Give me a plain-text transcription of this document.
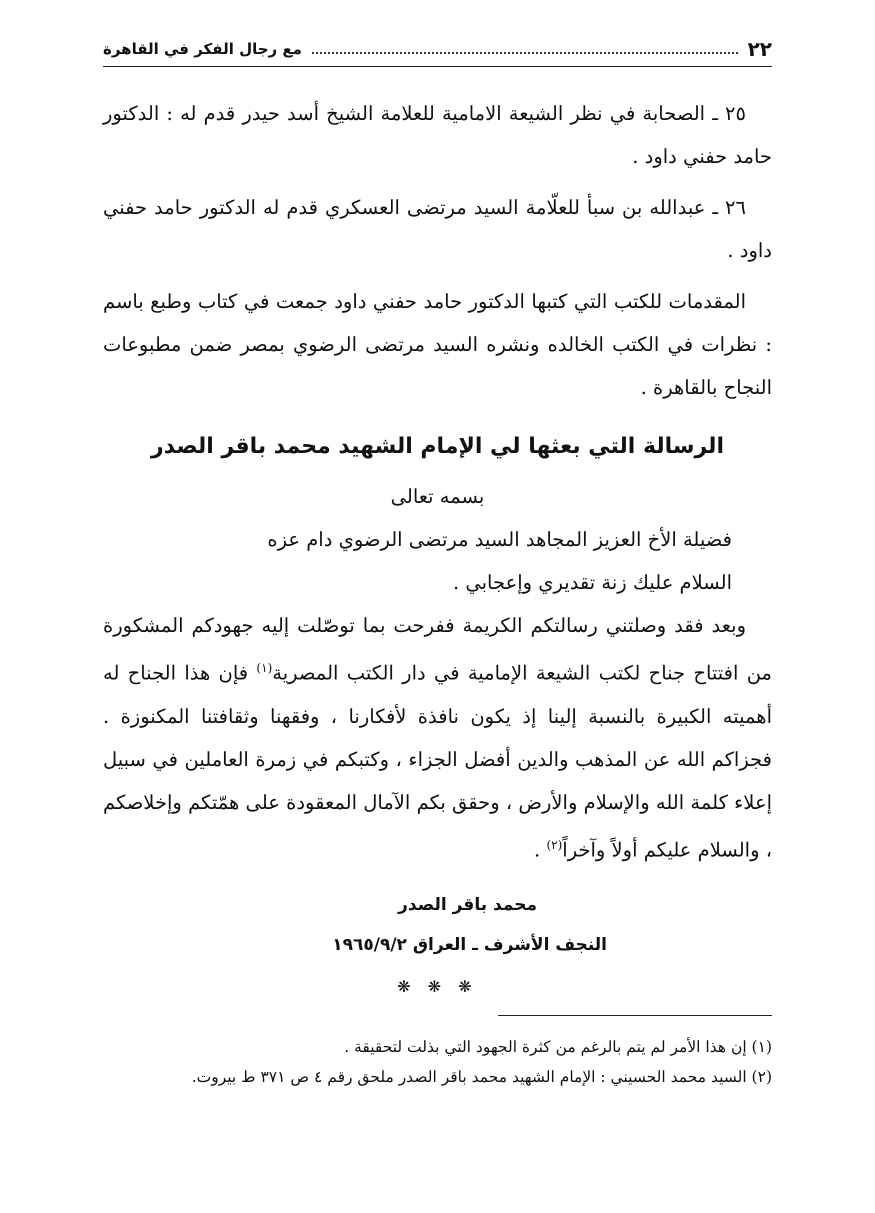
٢٢
مع رجال الفكر في القاهرة

٢٥ ـ الصحابة في نظر الشيعة الامامية للعلامة الشيخ أسد حيدر قدم له : الدكتور حامد حفني داود .

٢٦ ـ عبدالله بن سبأ للعلّامة السيد مرتضى العسكري قدم له الدكتور حامد حفني داود .

المقدمات للكتب التي كتبها الدكتور حامد حفني داود جمعت في كتاب وطبع باسم : نظرات في الكتب الخالده ونشره السيد مرتضى الرضوي بمصر ضمن مطبوعات النجاح بالقاهرة .

الرسالة التي بعثها لي الإمام الشهيد محمد باقر الصدر

بسمه تعالى

فضيلة الأخ العزيز المجاهد السيد مرتضى الرضوي دام عزه

السلام عليك زنة تقديري وإعجابي .

وبعد فقد وصلتني رسالتكم الكريمة ففرحت بما توصّلت إليه جهودكم المشكورة من افتتاح جناح لكتب الشيعة الإمامية في دار الكتب المصرية$^{(١)}$ فإن هذا الجناح له أهميته الكبيرة بالنسبة إلينا إذ يكون نافذة لأفكارنا ، وفقهنا وثقافتنا المكنوزة . فجزاكم الله عن المذهب والدين أفضل الجزاء ، وكتبكم في زمرة العاملين في سبيل إعلاء كلمة الله والإسلام والأرض ، وحقق بكم الآمال المعقودة على همّتكم وإخلاصكم ، والسلام عليكم أولاً وآخراً$^{(٢)}$ .

محمد باقر الصدر

النجف الأشرف ـ العراق ١٩٦٥/٩/٢

❋ ❋ ❋

(١) إن هذا الأمر لم يتم بالرغم من كثرة الجهود التي بذلت لتحقيقة .

(٢) السيد محمد الحسيني : الإمام الشهيد محمد باقر الصدر ملحق رقم ٤ ص ٣٧١ ط بيروت.
